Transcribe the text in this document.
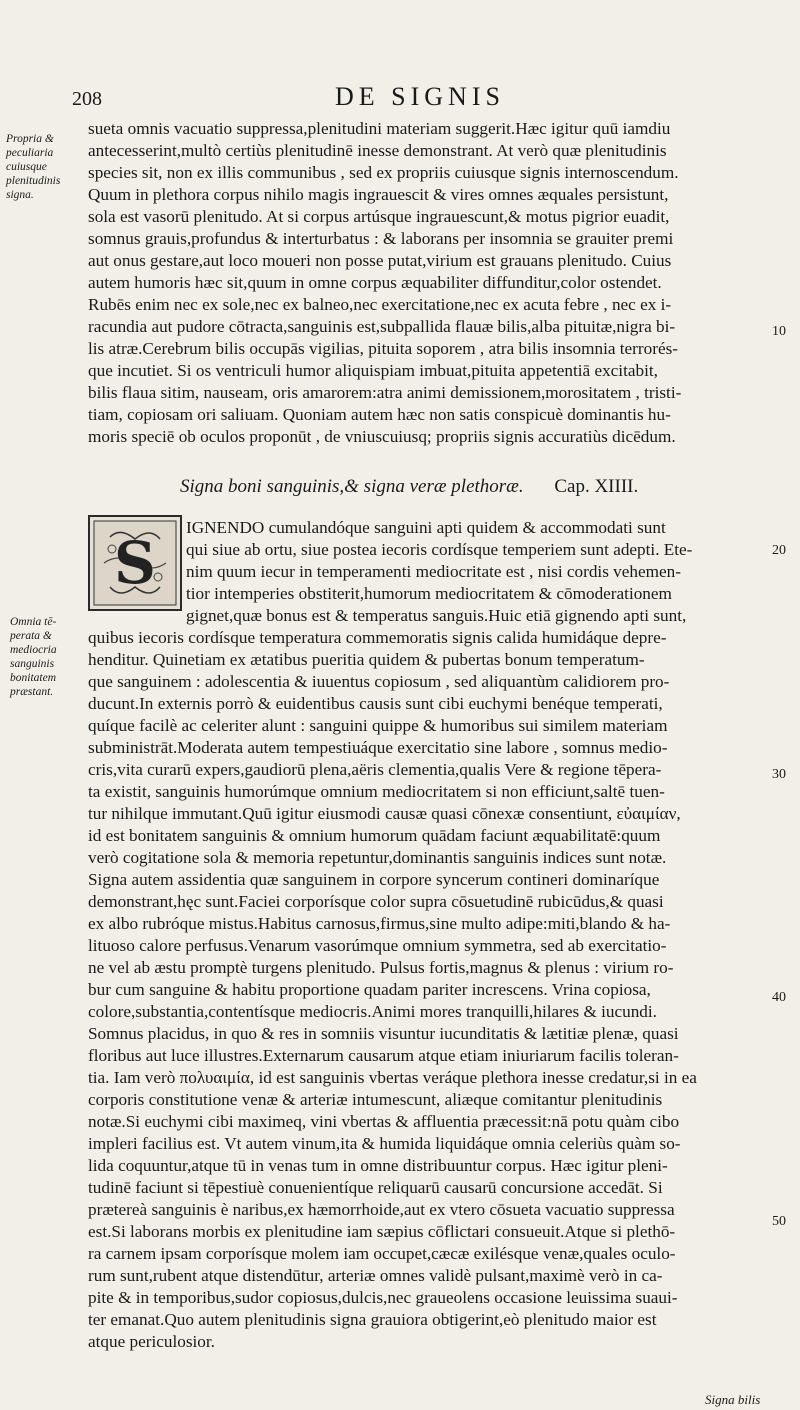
208	DE SIGNIS
Propria &
peculiaria
cuiusque
plenitudinis
signa.
Omnia tē-
perata &
mediocria
sanguinis
bonitatem
præstant.
10
20
30
40
50
sueta omnis vacuatio suppressa,plenitudini materiam suggerit.Hæc igitur quū iamdiu
antecesserint,multò certiùs plenitudinē inesse demonstrant. At verò quæ plenitudinis
species sit, non ex illis communibus , sed ex propriis cuiusque signis internoscendum.
Quum in plethora corpus nihilo magis ingrauescit & vires omnes æquales persistunt,
sola est vasorū plenitudo. At si corpus artúsque ingrauescunt,& motus pigrior euadit,
somnus grauis,profundus & interturbatus : & laborans per insomnia se grauiter premi
aut onus gestare,aut loco moueri non posse putat,virium est grauans plenitudo. Cuius
autem humoris hæc sit,quum in omne corpus æquabiliter diffunditur,color ostendet.
Rubēs enim nec ex sole,nec ex balneo,nec exercitatione,nec ex acuta febre , nec ex i-
racundia aut pudore cōtracta,sanguinis est,subpallida flauæ bilis,alba pituitæ,nigra bi-
lis atræ.Cerebrum bilis occupās vigilias, pituita soporem , atra bilis insomnia terrorés-
que incutiet. Si os ventriculi humor aliquispiam imbuat,pituita appetentiā excitabit,
bilis flaua sitim, nauseam, oris amarorem:atra animi demissionem,morositatem , tristi-
tiam, copiosam ori saliuam. Quoniam autem hæc non satis conspicuè dominantis hu-
moris speciē ob oculos proponūt , de vniuscuiusq; propriis signis accuratiùs dicēdum.
Signa boni sanguinis,& signa veræ plethoræ. Cap. XIIII.
S
IGNENDO cumulandóque sanguini apti quidem & accommodati sunt
qui siue ab ortu, siue postea iecoris cordísque temperiem sunt adepti. Ete-
nim quum iecur in temperamenti mediocritate est , nisi cordis vehemen-
tior intemperies obstiterit,humorum mediocritatem & cōmoderationem
gignet,quæ bonus est & temperatus sanguis.Huic etiā gignendo apti sunt,
quibus iecoris cordísque temperatura commemoratis signis calida humidáque depre-
henditur. Quinetiam ex ætatibus pueritia quidem & pubertas bonum temperatum-
que sanguinem : adolescentia & iuuentus copiosum , sed aliquantùm calidiorem pro-
ducunt.In externis porrò & euidentibus causis sunt cibi euchymi benéque temperati,
quíque facilè ac celeriter alunt : sanguini quippe & humoribus sui similem materiam
subministrāt.Moderata autem tempestiuáque exercitatio sine labore , somnus medio-
cris,vita curarū expers,gaudiorū plena,aëris clementia,qualis Vere & regione tēpera-
ta existit, sanguinis humorúmque omnium mediocritatem si non efficiunt,saltē tuen-
tur nihilque immutant.Quū igitur eiusmodi causæ quasi cōnexæ consentiunt, εὐαιμίαν,
id est bonitatem sanguinis & omnium humorum quādam faciunt æquabilitatē:quum
verò cogitatione sola & memoria repetuntur,dominantis sanguinis indices sunt notæ.
Signa autem assidentia quæ sanguinem in corpore syncerum contineri dominaríque
demonstrant,hęc sunt.Faciei corporísque color supra cōsuetudinē rubicūdus,& quasi
ex albo rubróque mistus.Habitus carnosus,firmus,sine multo adipe:miti,blando & ha-
lituoso calore perfusus.Venarum vasorúmque omnium symmetra, sed ab exercitatio-
ne vel ab æstu promptè turgens plenitudo. Pulsus fortis,magnus & plenus : virium ro-
bur cum sanguine & habitu proportione quadam pariter increscens. Vrina copiosa,
colore,substantia,contentísque mediocris.Animi mores tranquilli,hilares & iucundi.
Somnus placidus, in quo & res in somniis visuntur iucunditatis & lætitiæ plenæ, quasi
floribus aut luce illustres.Externarum causarum atque etiam iniuriarum facilis toleran-
tia. Iam verò πολυαιμία, id est sanguinis vbertas veráque plethora inesse credatur,si in ea
corporis constitutione venæ & arteriæ intumescunt, aliæque comitantur plenitudinis
notæ.Si euchymi cibi maximeq, vini vbertas & affluentia præcessit:nā potu quàm cibo
impleri facilius est. Vt autem vinum,ita & humida liquidáque omnia celeriùs quàm so-
lida coquuntur,atque tū in venas tum in omne distribuuntur corpus. Hæc igitur pleni-
tudinē faciunt si tēpestiuè conuenientíque reliquarū causarū concursione accedāt. Si
prætereà sanguinis è naribus,ex hæmorrhoide,aut ex vtero cōsueta vacuatio suppressa
est.Si laborans morbis ex plenitudine iam sæpius cōflictari consueuit.Atque si plethō-
ra carnem ipsam corporísque molem iam occupet,cæcæ exilésque venæ,quales oculo-
rum sunt,rubent atque distendūtur, arteriæ omnes validè pulsant,maximè verò in ca-
pite & in temporibus,sudor copiosus,dulcis,nec graueolens occasione leuissima suaui-
ter emanat.Quo autem plenitudinis signa grauiora obtigerint,eò plenitudo maior est
atque periculosior.
Signa bilis
